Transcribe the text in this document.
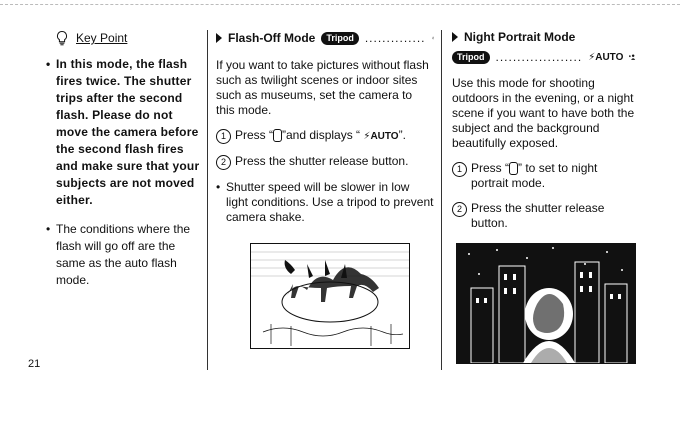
Key Point
• In this mode, the flash fires twice. The shutter trips after the second flash. Please do not move the camera before the second flash fires and make sure that your subjects are not moved either.
• The conditions where the flash will go off are the same as the auto flash mode.
Flash-Off Mode	Tripod ..............

If you want to take pictures without flash such as twilight scenes or indoor sites such as museums, set the camera to this mode.

1 Press “ ”and displays “ ⚡AUTO”.
2 Press the shutter release button.
• Shutter speed will be slower in low light conditions. Use a tripod to prevent camera shake.
Night Portrait Mode
Tripod .................... ⚡AUTO

Use this mode for shooting outdoors in the evening, or a night scene if you want to have both the subject and the background beautifully exposed.

1 Press “ ” to set to night portrait mode.
2 Press the shutter release button.
21
